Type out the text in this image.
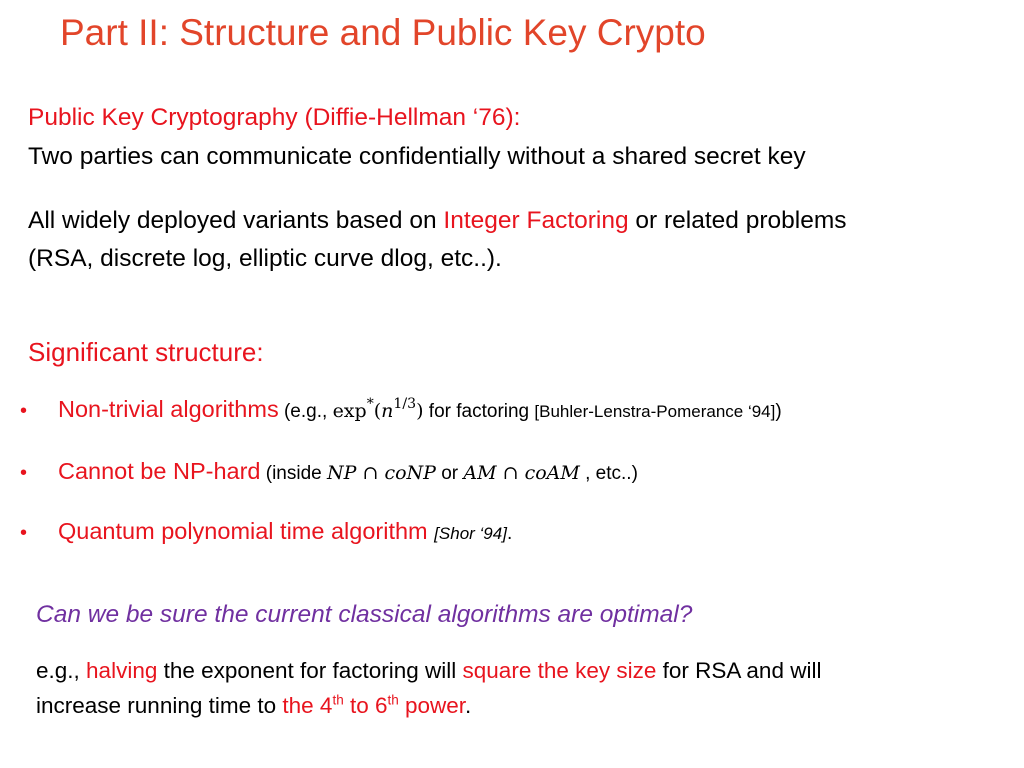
Part II: Structure and Public Key Crypto
Public Key Cryptography (Diffie-Hellman ‘76):
Two parties can communicate confidentially without a shared secret key
All widely deployed variants based on Integer Factoring or related problems
(RSA, discrete log, elliptic curve dlog, etc..).
Significant structure:
• Non-trivial algorithms (e.g., $\exp^*(n^{1/3})$ for factoring [Buhler-Lenstra-Pomerance ‘94])
• Cannot be NP-hard (inside NP ∩ coNP or AM ∩ coAM , etc..)
• Quantum polynomial time algorithm [Shor ‘94].
Can we be sure the current classical algorithms are optimal?
e.g., halving the exponent for factoring will square the key size for RSA and will
increase running time to the 4th to 6th power.
